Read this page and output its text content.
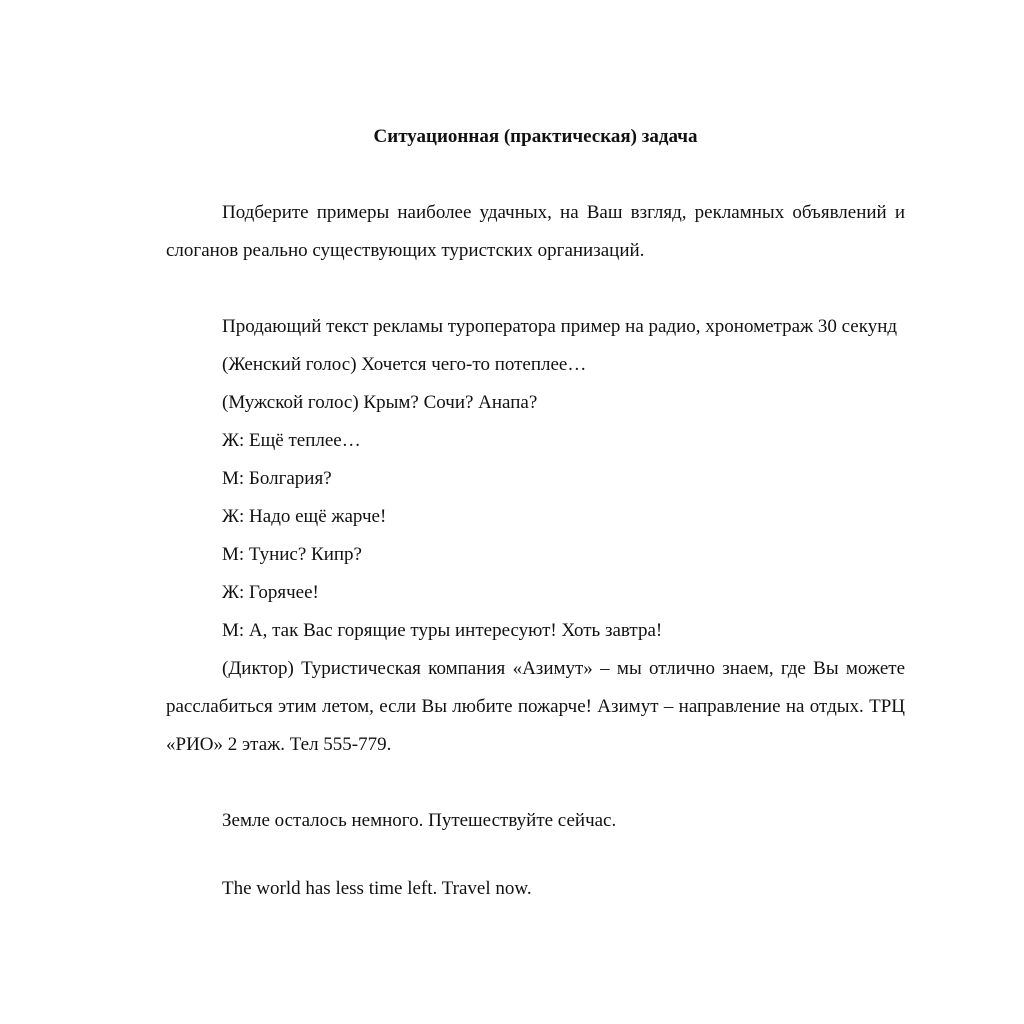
Ситуационная (практическая) задача

Подберите примеры наиболее удачных, на Ваш взгляд, рекламных объявлений и слоганов реально существующих туристских организаций.

Продающий текст рекламы туроператора пример на радио, хронометраж 30 секунд

(Женский голос) Хочется чего-то потеплее…

(Мужской голос) Крым? Сочи? Анапа?

Ж: Ещё теплее…

М: Болгария?

Ж: Надо ещё жарче!

М: Тунис? Кипр?

Ж: Горячее!

М: А, так Вас горящие туры интересуют! Хоть завтра!

(Диктор) Туристическая компания «Азимут» – мы отлично знаем, где Вы можете расслабиться этим летом, если Вы любите пожарче! Азимут – направление на отдых. ТРЦ «РИО» 2 этаж. Тел 555-779.

Земле осталось немного. Путешествуйте сейчас.

The world has less time left. Travel now.
